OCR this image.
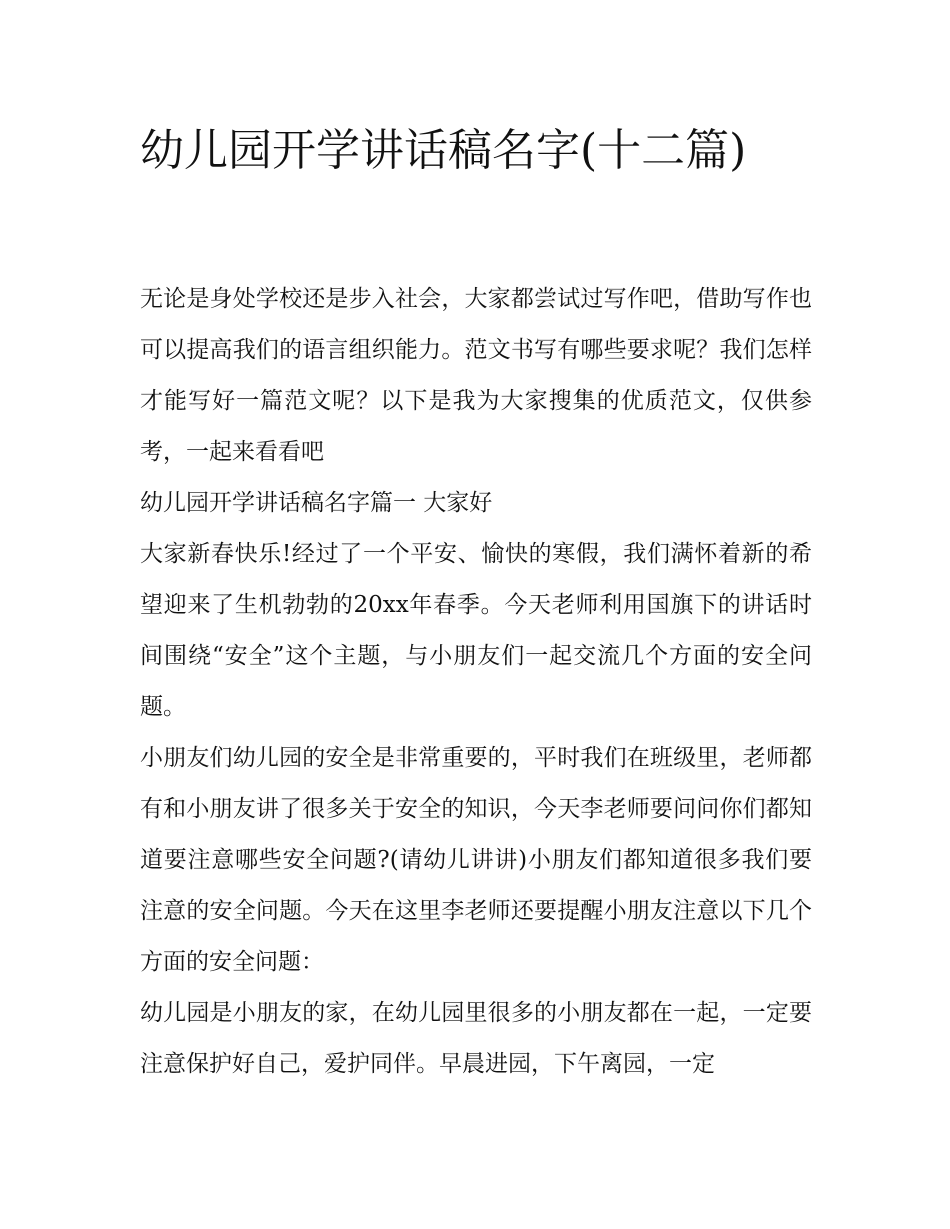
幼儿园开学讲话稿名字(十二篇)

无论是身处学校还是步入社会，大家都尝试过写作吧，借助写作也可以提高我们的语言组织能力。范文书写有哪些要求呢？我们怎样才能写好一篇范文呢？以下是我为大家搜集的优质范文，仅供参考，一起来看看吧

幼儿园开学讲话稿名字篇一 大家好

大家新春快乐!经过了一个平安、愉快的寒假，我们满怀着新的希望迎来了生机勃勃的20xx年春季。今天老师利用国旗下的讲话时间围绕“安全”这个主题，与小朋友们一起交流几个方面的安全问题。

小朋友们幼儿园的安全是非常重要的，平时我们在班级里，老师都有和小朋友讲了很多关于安全的知识，今天李老师要问问你们都知道要注意哪些安全问题?(请幼儿讲讲)小朋友们都知道很多我们要注意的安全问题。今天在这里李老师还要提醒小朋友注意以下几个方面的安全问题：

幼儿园是小朋友的家，在幼儿园里很多的小朋友都在一起，一定要注意保护好自己，爱护同伴。早晨进园，下午离园，一定
